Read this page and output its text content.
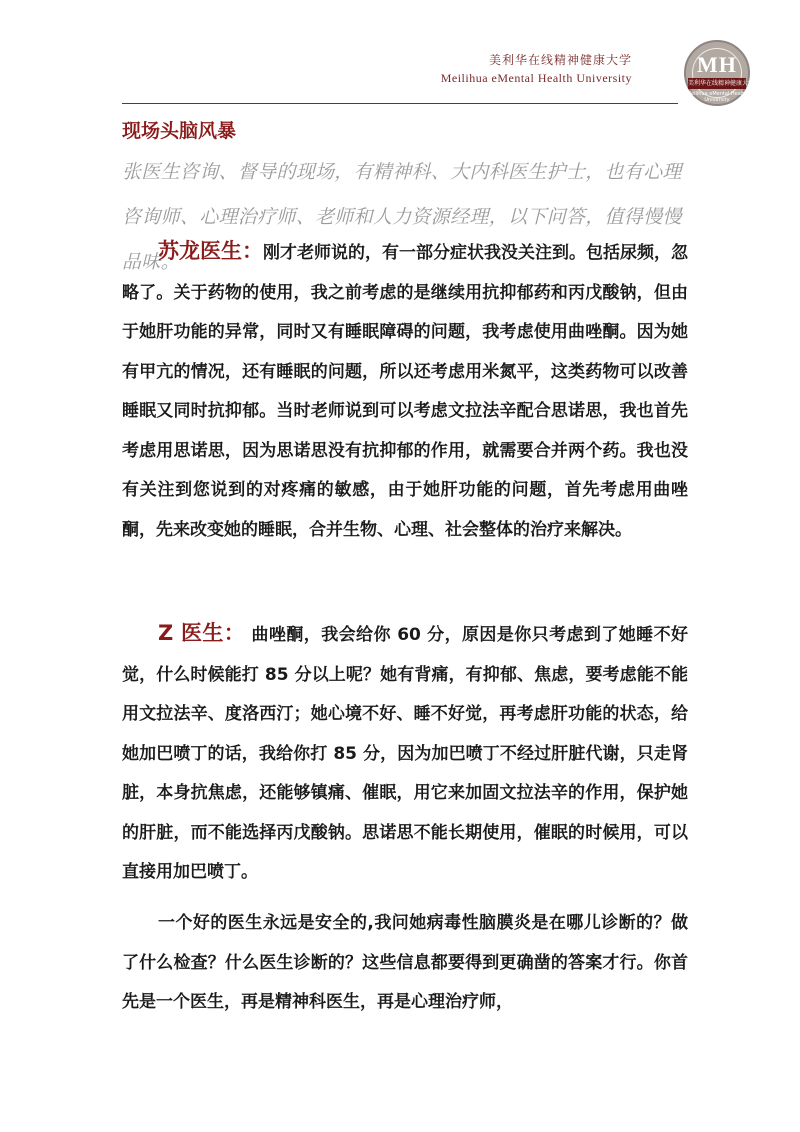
美利华在线精神健康大学
Meilihua eMental Health University
MH
美利华在线精神健康大学
Meilihua eMental Health University
现场头脑风暴
张医生咨询、督导的现场，有精神科、大内科医生护士，也有心理咨询师、心理治疗师、老师和人力资源经理，以下问答，值得慢慢品味。
苏龙医生：刚才老师说的，有一部分症状我没关注到。包括尿频，忽略了。关于药物的使用，我之前考虑的是继续用抗抑郁药和丙戊酸钠，但由于她肝功能的异常，同时又有睡眠障碍的问题，我考虑使用曲唑酮。因为她有甲亢的情况，还有睡眠的问题，所以还考虑用米氮平，这类药物可以改善睡眠又同时抗抑郁。当时老师说到可以考虑文拉法辛配合思诺思，我也首先考虑用思诺思，因为思诺思没有抗抑郁的作用，就需要合并两个药。我也没有关注到您说到的对疼痛的敏感，由于她肝功能的问题，首先考虑用曲唑酮，先来改变她的睡眠，合并生物、心理、社会整体的治疗来解决。
Z 医生： 曲唑酮，我会给你 60 分，原因是你只考虑到了她睡不好觉，什么时候能打 85 分以上呢？她有背痛，有抑郁、焦虑，要考虑能不能用文拉法辛、度洛西汀；她心境不好、睡不好觉，再考虑肝功能的状态，给她加巴喷丁的话，我给你打 85 分，因为加巴喷丁不经过肝脏代谢，只走肾脏，本身抗焦虑，还能够镇痛、催眠，用它来加固文拉法辛的作用，保护她的肝脏，而不能选择丙戊酸钠。思诺思不能长期使用，催眠的时候用，可以直接用加巴喷丁。
一个好的医生永远是安全的,我问她病毒性脑膜炎是在哪儿诊断的？做了什么检查？什么医生诊断的？这些信息都要得到更确凿的答案才行。你首先是一个医生，再是精神科医生，再是心理治疗师，
